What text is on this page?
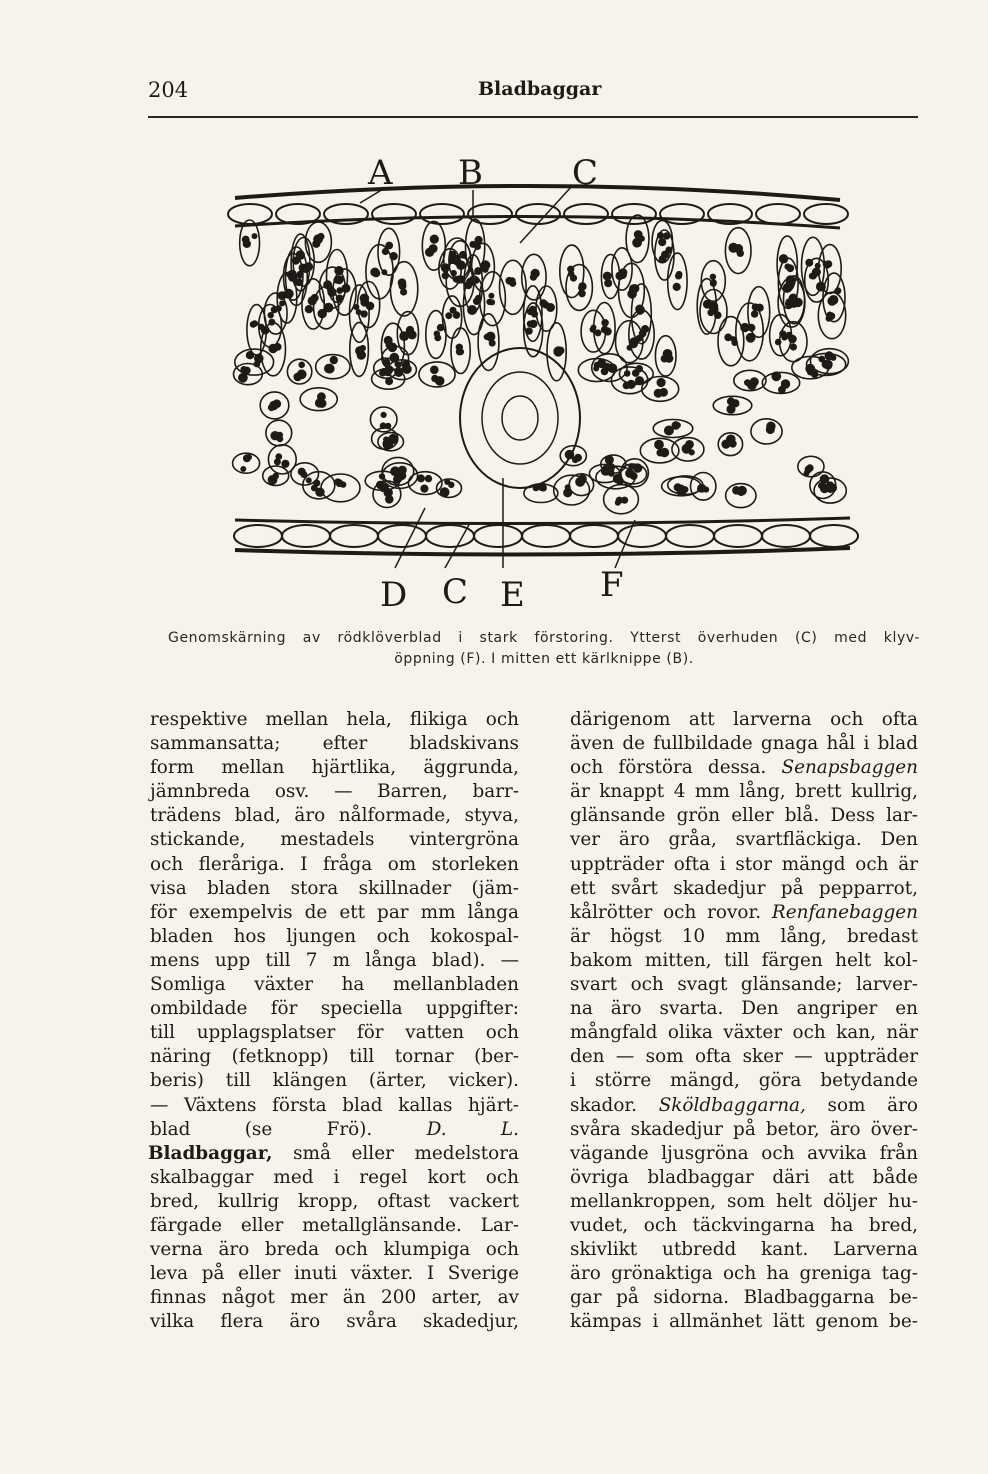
204	Bladbaggar
A B	C
D C E F
Genomskärning av rödklöverblad i stark förstoring. Ytterst överhuden (C) med klyv-
öppning (F). I mitten ett kärlknippe (B).
respektive mellan hela, flikiga och
sammansatta; efter bladskivans
form mellan hjärtlika, äggrunda,
jämnbreda osv. — Barren, barr-
trädens blad, äro nålformade, styva,
stickande, mestadels vintergröna
och fleråriga. I fråga om storleken
visa bladen stora skillnader (jäm-
för exempelvis de ett par mm långa
bladen hos ljungen och kokospal-
mens upp till 7 m långa blad). —
Somliga växter ha mellanbladen
ombildade för speciella uppgifter:
till upplagsplatser för vatten och
näring (fetknopp) till tornar (ber-
beris) till klängen (ärter, vicker).
— Växtens första blad kallas hjärt-
blad (se Frö).	D. L.
Bladbaggar, små eller medelstora
skalbaggar med i regel kort och
bred, kullrig kropp, oftast vackert
färgade eller metallglänsande. Lar-
verna äro breda och klumpiga och
leva på eller inuti växter. I Sverige
finnas något mer än 200 arter, av
vilka flera äro svåra skadedjur,
därigenom att larverna och ofta
även de fullbildade gnaga hål i blad
och förstöra dessa. Senapsbaggen
är knappt 4 mm lång, brett kullrig,
glänsande grön eller blå. Dess lar-
ver äro gråa, svartfläckiga. Den
uppträder ofta i stor mängd och är
ett svårt skadedjur på pepparrot,
kålrötter och rovor. Renfanebaggen
är högst 10 mm lång, bredast
bakom mitten, till färgen helt kol-
svart och svagt glänsande; larver-
na äro svarta. Den angriper en
mångfald olika växter och kan, när
den — som ofta sker — uppträder
i större mängd, göra betydande
skador. Sköldbaggarna, som äro
svåra skadedjur på betor, äro över-
vägande ljusgröna och avvika från
övriga bladbaggar däri att både
mellankroppen, som helt döljer hu-
vudet, och täckvingarna ha bred,
skivlikt utbredd kant. Larverna
äro grönaktiga och ha greniga tag-
gar på sidorna. Bladbaggarna be-
kämpas i allmänhet lätt genom be-
